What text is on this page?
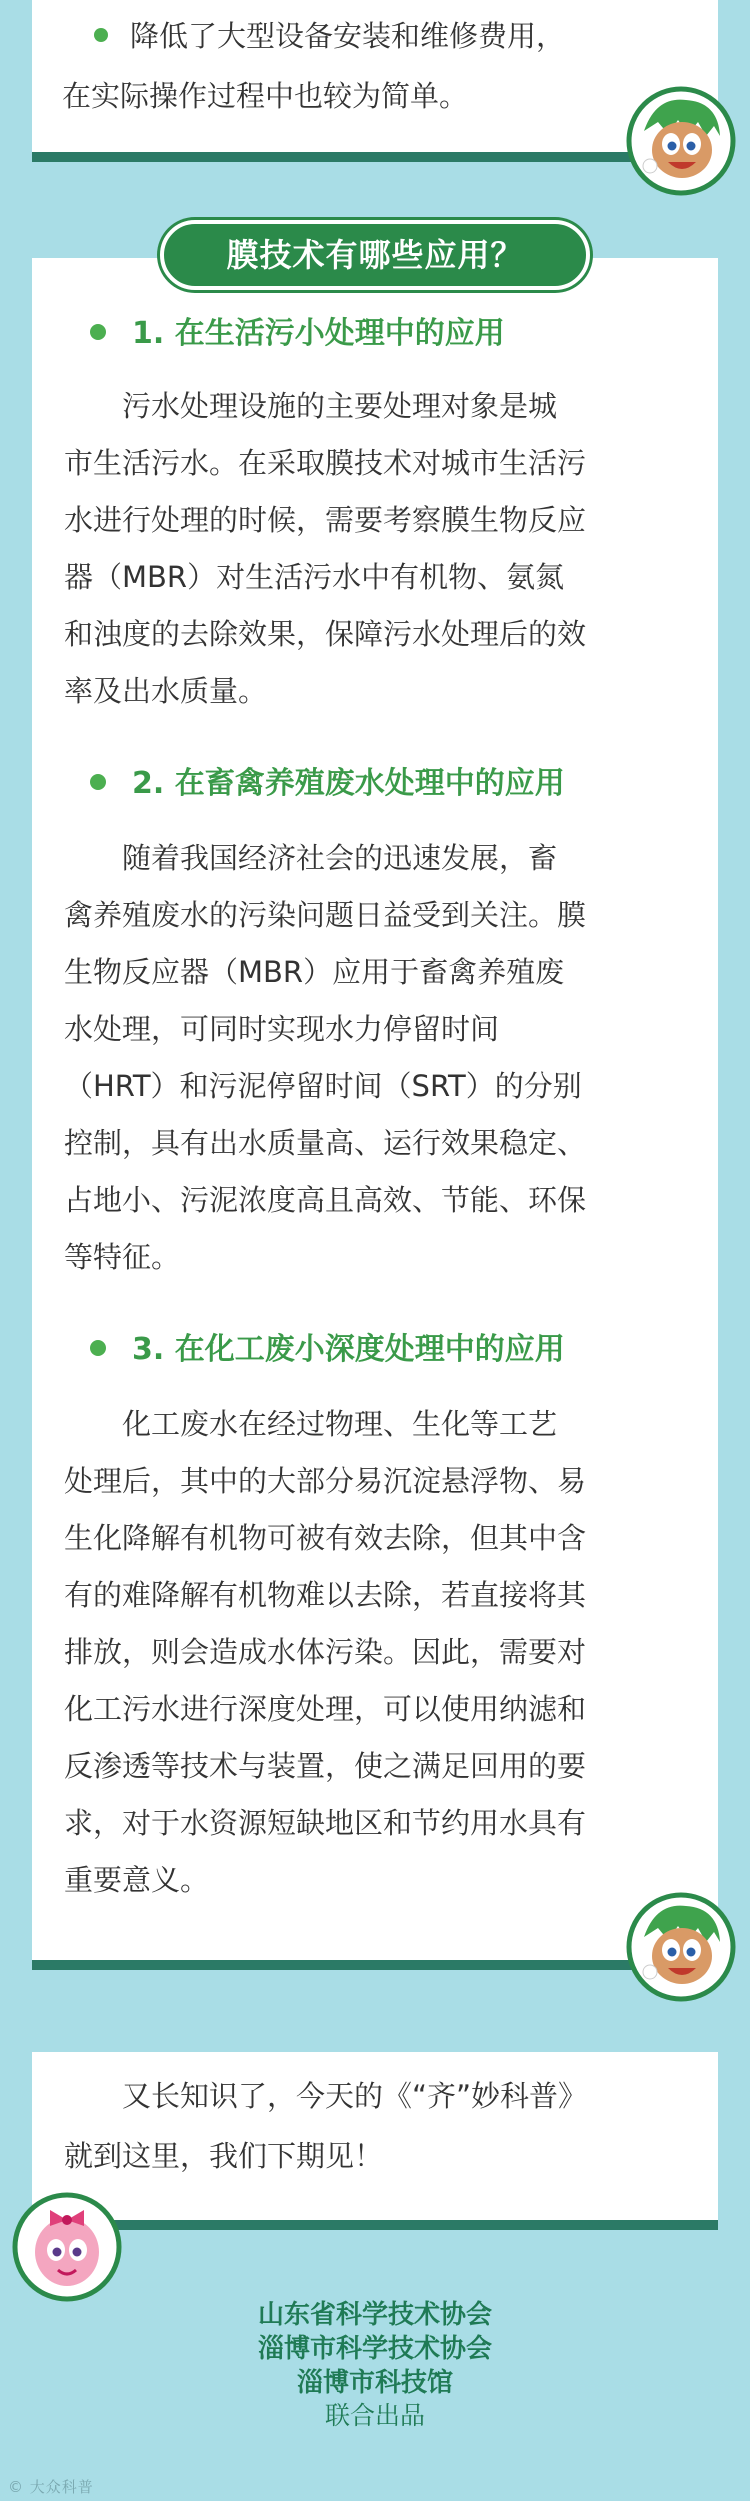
降低了大型设备安装和维修费用，
在实际操作过程中也较为简单。
膜技术有哪些应用？
1. 在生活污小处理中的应用
　　污水处理设施的主要处理对象是城
市生活污水。在采取膜技术对城市生活污
水进行处理的时候，需要考察膜生物反应
器（MBR）对生活污水中有机物、氨氮
和浊度的去除效果，保障污水处理后的效
率及出水质量。
2. 在畜禽养殖废水处理中的应用
　　随着我国经济社会的迅速发展，畜
禽养殖废水的污染问题日益受到关注。膜
生物反应器（MBR）应用于畜禽养殖废
水处理，可同时实现水力停留时间
（HRT）和污泥停留时间（SRT）的分别
控制，具有出水质量高、运行效果稳定、
占地小、污泥浓度高且高效、节能、环保
等特征。
3. 在化工废小深度处理中的应用
　　化工废水在经过物理、生化等工艺
处理后，其中的大部分易沉淀悬浮物、易
生化降解有机物可被有效去除，但其中含
有的难降解有机物难以去除，若直接将其
排放，则会造成水体污染。因此，需要对
化工污水进行深度处理，可以使用纳滤和
反渗透等技术与装置，使之满足回用的要
求，对于水资源短缺地区和节约用水具有
重要意义。
　　又长知识了，今天的《“齐”妙科普》
就到这里，我们下期见！
山东省科学技术协会
淄博市科学技术协会
淄博市科技馆
联合出品
© 大众科普
